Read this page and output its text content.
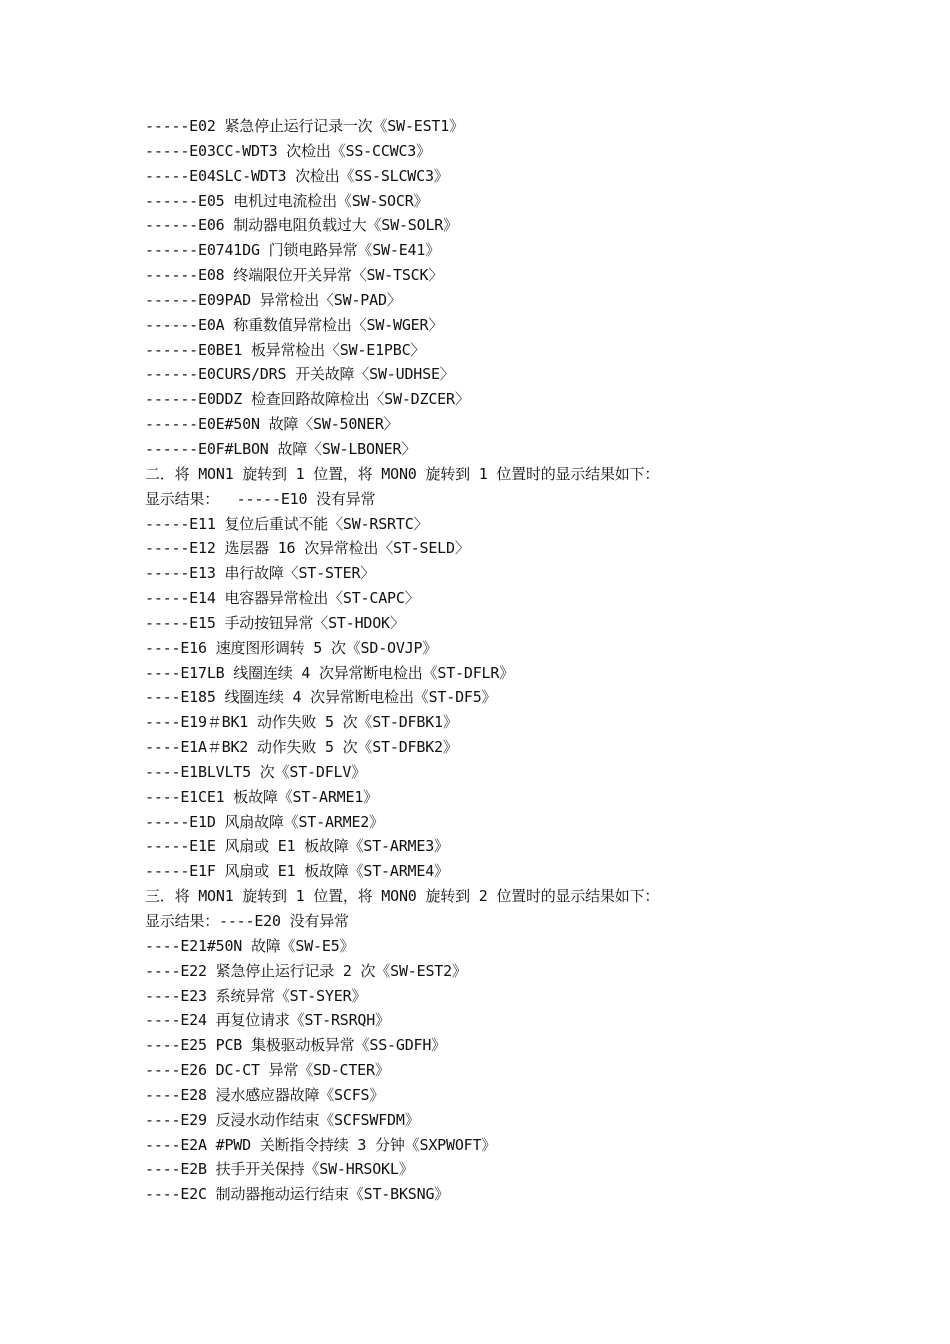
-----E02 紧急停止运行记录一次《SW-EST1》
-----E03CC-WDT3 次检出《SS-CCWC3》
-----E04SLC-WDT3 次检出《SS-SLCWC3》
------E05 电机过电流检出《SW-SOCR》
------E06 制动器电阻负载过大《SW-SOLR》
------E0741DG 门锁电路异常《SW-E41》
------E08 终端限位开关异常〈SW-TSCK〉
------E09PAD 异常检出〈SW-PAD〉
------E0A 称重数值异常检出〈SW-WGER〉
------E0BE1 板异常检出〈SW-E1PBC〉
------E0CURS/DRS 开关故障〈SW-UDHSE〉
------E0DDZ 检查回路故障检出〈SW-DZCER〉
------E0E#50N 故障〈SW-50NER〉
------E0F#LBON 故障〈SW-LBONER〉
二．将 MON1 旋转到 1 位置，将 MON0 旋转到 1 位置时的显示结果如下：
显示结果：  -----E10 没有异常
-----E11 复位后重试不能〈SW-RSRTC〉
-----E12 选层器 16 次异常检出〈ST-SELD〉
-----E13 串行故障〈ST-STER〉
-----E14 电容器异常检出〈ST-CAPC〉
-----E15 手动按钮异常〈ST-HDOK〉
----E16 速度图形调转 5 次《SD-OVJP》
----E17LB 线圈连续 4 次异常断电检出《ST-DFLR》
----E185 线圈连续 4 次异常断电检出《ST-DF5》
----E19＃BK1 动作失败 5 次《ST-DFBK1》
----E1A＃BK2 动作失败 5 次《ST-DFBK2》
----E1BLVLT5 次《ST-DFLV》
----E1CE1 板故障《ST-ARME1》
-----E1D 风扇故障《ST-ARME2》
-----E1E 风扇或 E1 板故障《ST-ARME3》
-----E1F 风扇或 E1 板故障《ST-ARME4》
三．将 MON1 旋转到 1 位置，将 MON0 旋转到 2 位置时的显示结果如下：
显示结果：----E20 没有异常
----E21#50N 故障《SW-E5》
----E22 紧急停止运行记录 2 次《SW-EST2》
----E23 系统异常《ST-SYER》
----E24 再复位请求《ST-RSRQH》
----E25 PCB 集极驱动板异常《SS-GDFH》
----E26 DC-CT 异常《SD-CTER》
----E28 浸水感应器故障《SCFS》
----E29 反浸水动作结束《SCFSWFDM》
----E2A #PWD 关断指令持续 3 分钟《SXPWOFT》
----E2B 扶手开关保持《SW-HRSOKL》
----E2C 制动器拖动运行结束《ST-BKSNG》
